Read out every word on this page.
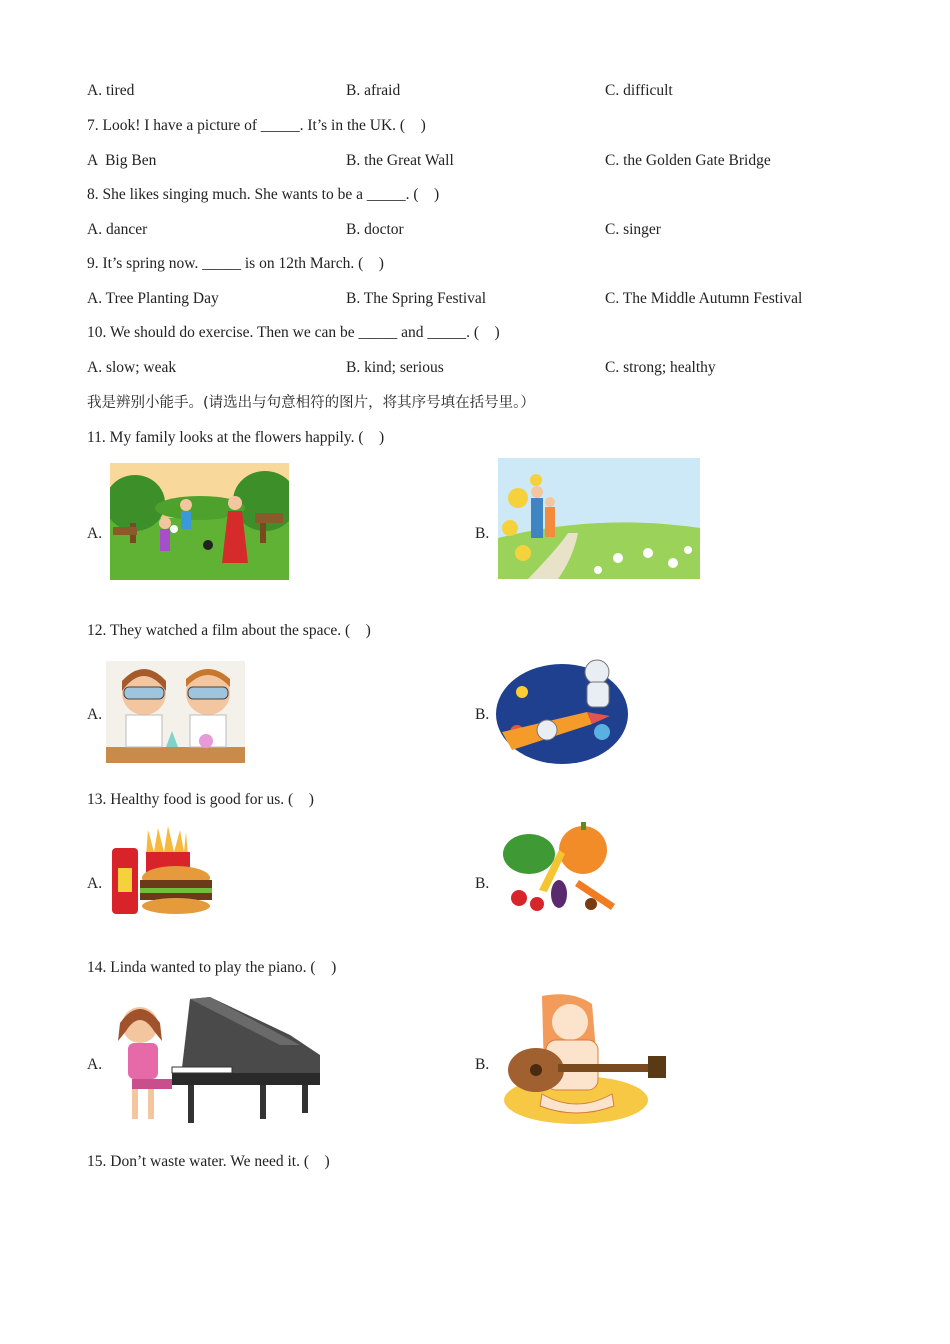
A. tired	B. afraid	C. difficult
7. Look! I have a picture of _____. It’s in the UK. (    )
A  Big Ben	B. the Great Wall	C. the Golden Gate Bridge
8. She likes singing much. She wants to be a _____. (    )
A. dancer	B. doctor	C. singer
9. It’s spring now. _____ is on 12th March. (    )
A. Tree Planting Day	B. The Spring Festival	C. The Middle Autumn Festival
10. We should do exercise. Then we can be _____ and _____. (    )
A. slow; weak	B. kind; serious	C. strong; healthy
我是辨别小能手。(请选出与句意相符的图片，将其序号填在括号里。）
11. My family looks at the flowers happily. (    )
A.	B.
12. They watched a film about the space. (    )
A.	B.
13. Healthy food is good for us. (    )
A.	B.
14. Linda wanted to play the piano. (    )
A.	B.
15. Don’t waste water. We need it. (    )
